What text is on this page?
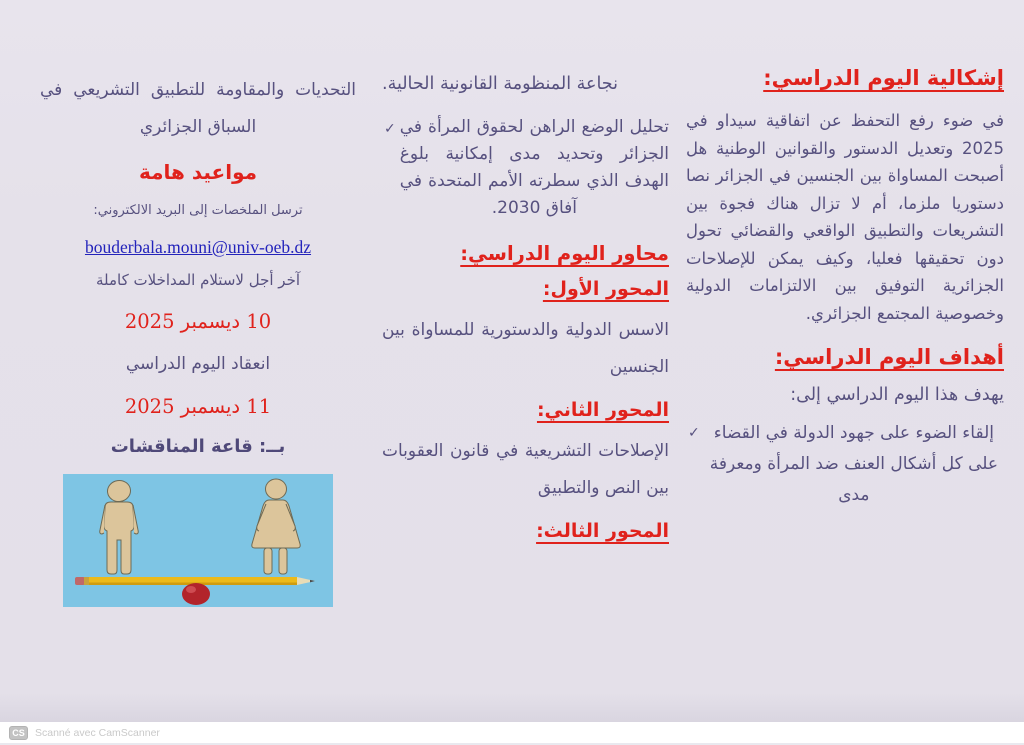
إشكالية اليوم الدراسي:

في ضوء رفع التحفظ عن اتفاقية سيداو في 2025 وتعديل الدستور والقوانين الوطنية هل أصبحت المساواة بين الجنسين في الجزائر نصا دستوريا ملزما، أم لا تزال هناك فجوة بين التشريعات والتطبيق الواقعي والقضائي تحول دون تحقيقها فعليا، وكيف يمكن للإصلاحات الجزائرية التوفيق بين الالتزامات الدولية وخصوصية المجتمع الجزائري.

أهداف اليوم الدراسي:

يهدف هذا اليوم الدراسي إلى:

✓ إلقاء الضوء على جهود الدولة في القضاء على كل أشكال العنف ضد المرأة ومعرفة مدى

نجاعة المنظومة القانونية الحالية.

✓ تحليل الوضع الراهن لحقوق المرأة في الجزائر وتحديد مدى إمكانية بلوغ الهدف الذي سطرته الأمم المتحدة في آفاق 2030.

محاور اليوم الدراسي:
المحور الأول:

الاسس الدولية والدستورية للمساواة بين الجنسين

المحور الثاني:

الإصلاحات التشريعية في قانون العقوبات بين النص والتطبيق

المحور الثالث:

التحديات والمقاومة للتطبيق التشريعي في السباق الجزائري

مواعيد هامة

ترسل الملخصات إلى البريد الالكتروني:

bouderbala.mouni@univ-oeb.dz

آخر أجل لاستلام المداخلات كاملة

10 ديسمبر 2025

انعقاد اليوم الدراسي

11 ديسمبر 2025

بــ: قاعة المناقشات

CS Scanné avec CamScanner
